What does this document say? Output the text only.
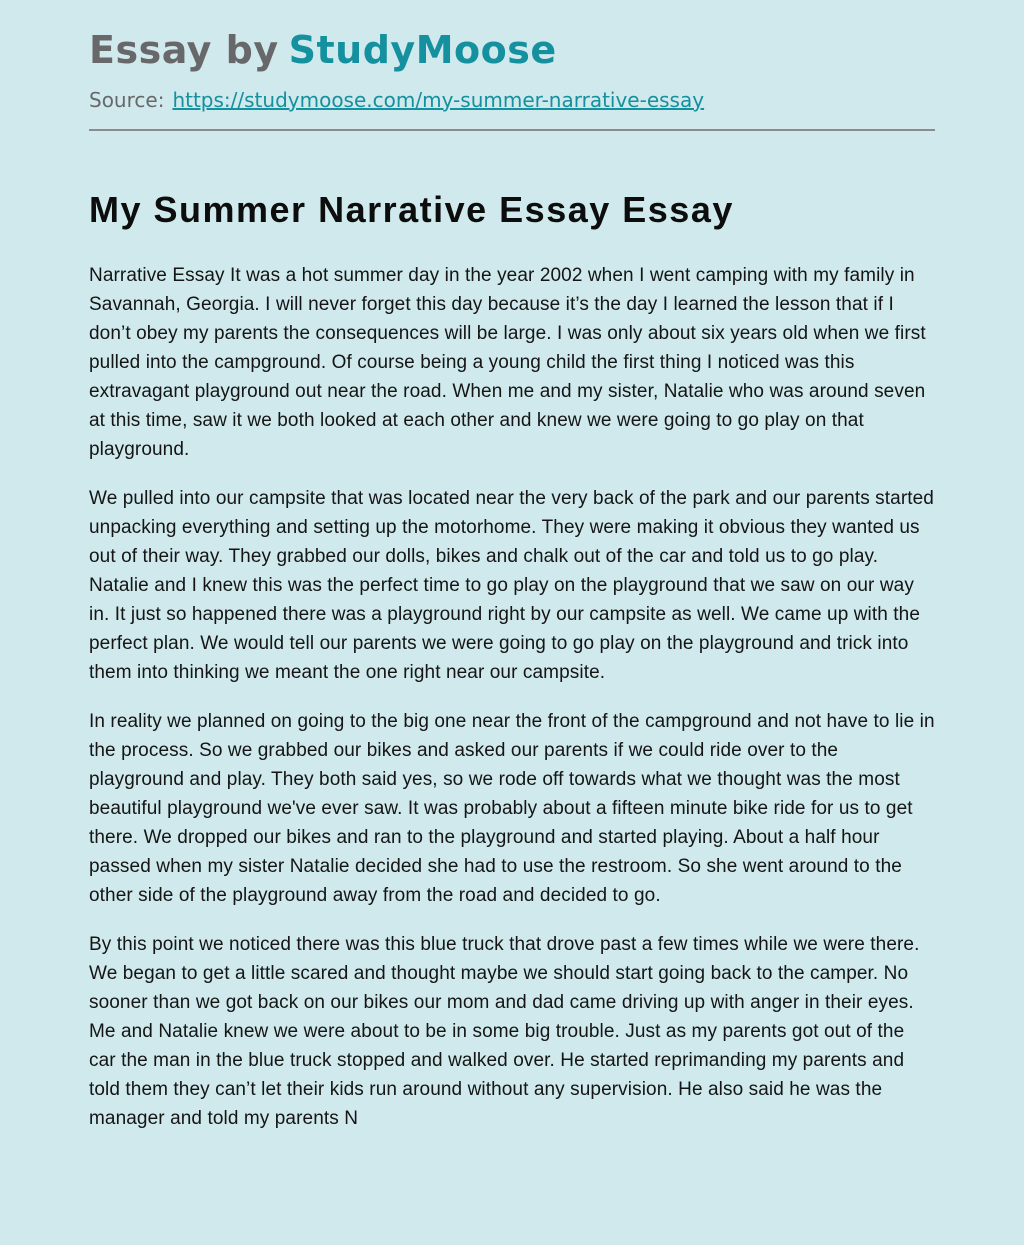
Essay by StudyMoose
Source: https://studymoose.com/my-summer-narrative-essay
My Summer Narrative Essay Essay

Narrative Essay It was a hot summer day in the year 2002 when I went camping with my family in Savannah, Georgia. I will never forget this day because it’s the day I learned the lesson that if I don’t obey my parents the consequences will be large. I was only about six years old when we first pulled into the campground. Of course being a young child the first thing I noticed was this extravagant playground out near the road. When me and my sister, Natalie who was around seven at this time, saw it we both looked at each other and knew we were going to go play on that playground.

We pulled into our campsite that was located near the very back of the park and our parents started unpacking everything and setting up the motorhome. They were making it obvious they wanted us out of their way. They grabbed our dolls, bikes and chalk out of the car and told us to go play. Natalie and I knew this was the perfect time to go play on the playground that we saw on our way in. It just so happened there was a playground right by our campsite as well. We came up with the perfect plan. We would tell our parents we were going to go play on the playground and trick into them into thinking we meant the one right near our campsite.

In reality we planned on going to the big one near the front of the campground and not have to lie in the process. So we grabbed our bikes and asked our parents if we could ride over to the playground and play. They both said yes, so we rode off towards what we thought was the most beautiful playground we've ever saw. It was probably about a fifteen minute bike ride for us to get there. We dropped our bikes and ran to the playground and started playing. About a half hour passed when my sister Natalie decided she had to use the restroom. So she went around to the other side of the playground away from the road and decided to go.

By this point we noticed there was this blue truck that drove past a few times while we were there. We began to get a little scared and thought maybe we should start going back to the camper. No sooner than we got back on our bikes our mom and dad came driving up with anger in their eyes. Me and Natalie knew we were about to be in some big trouble. Just as my parents got out of the car the man in the blue truck stopped and walked over. He started reprimanding my parents and told them they can’t let their kids run around without any supervision. He also said he was the manager and told my parents N
